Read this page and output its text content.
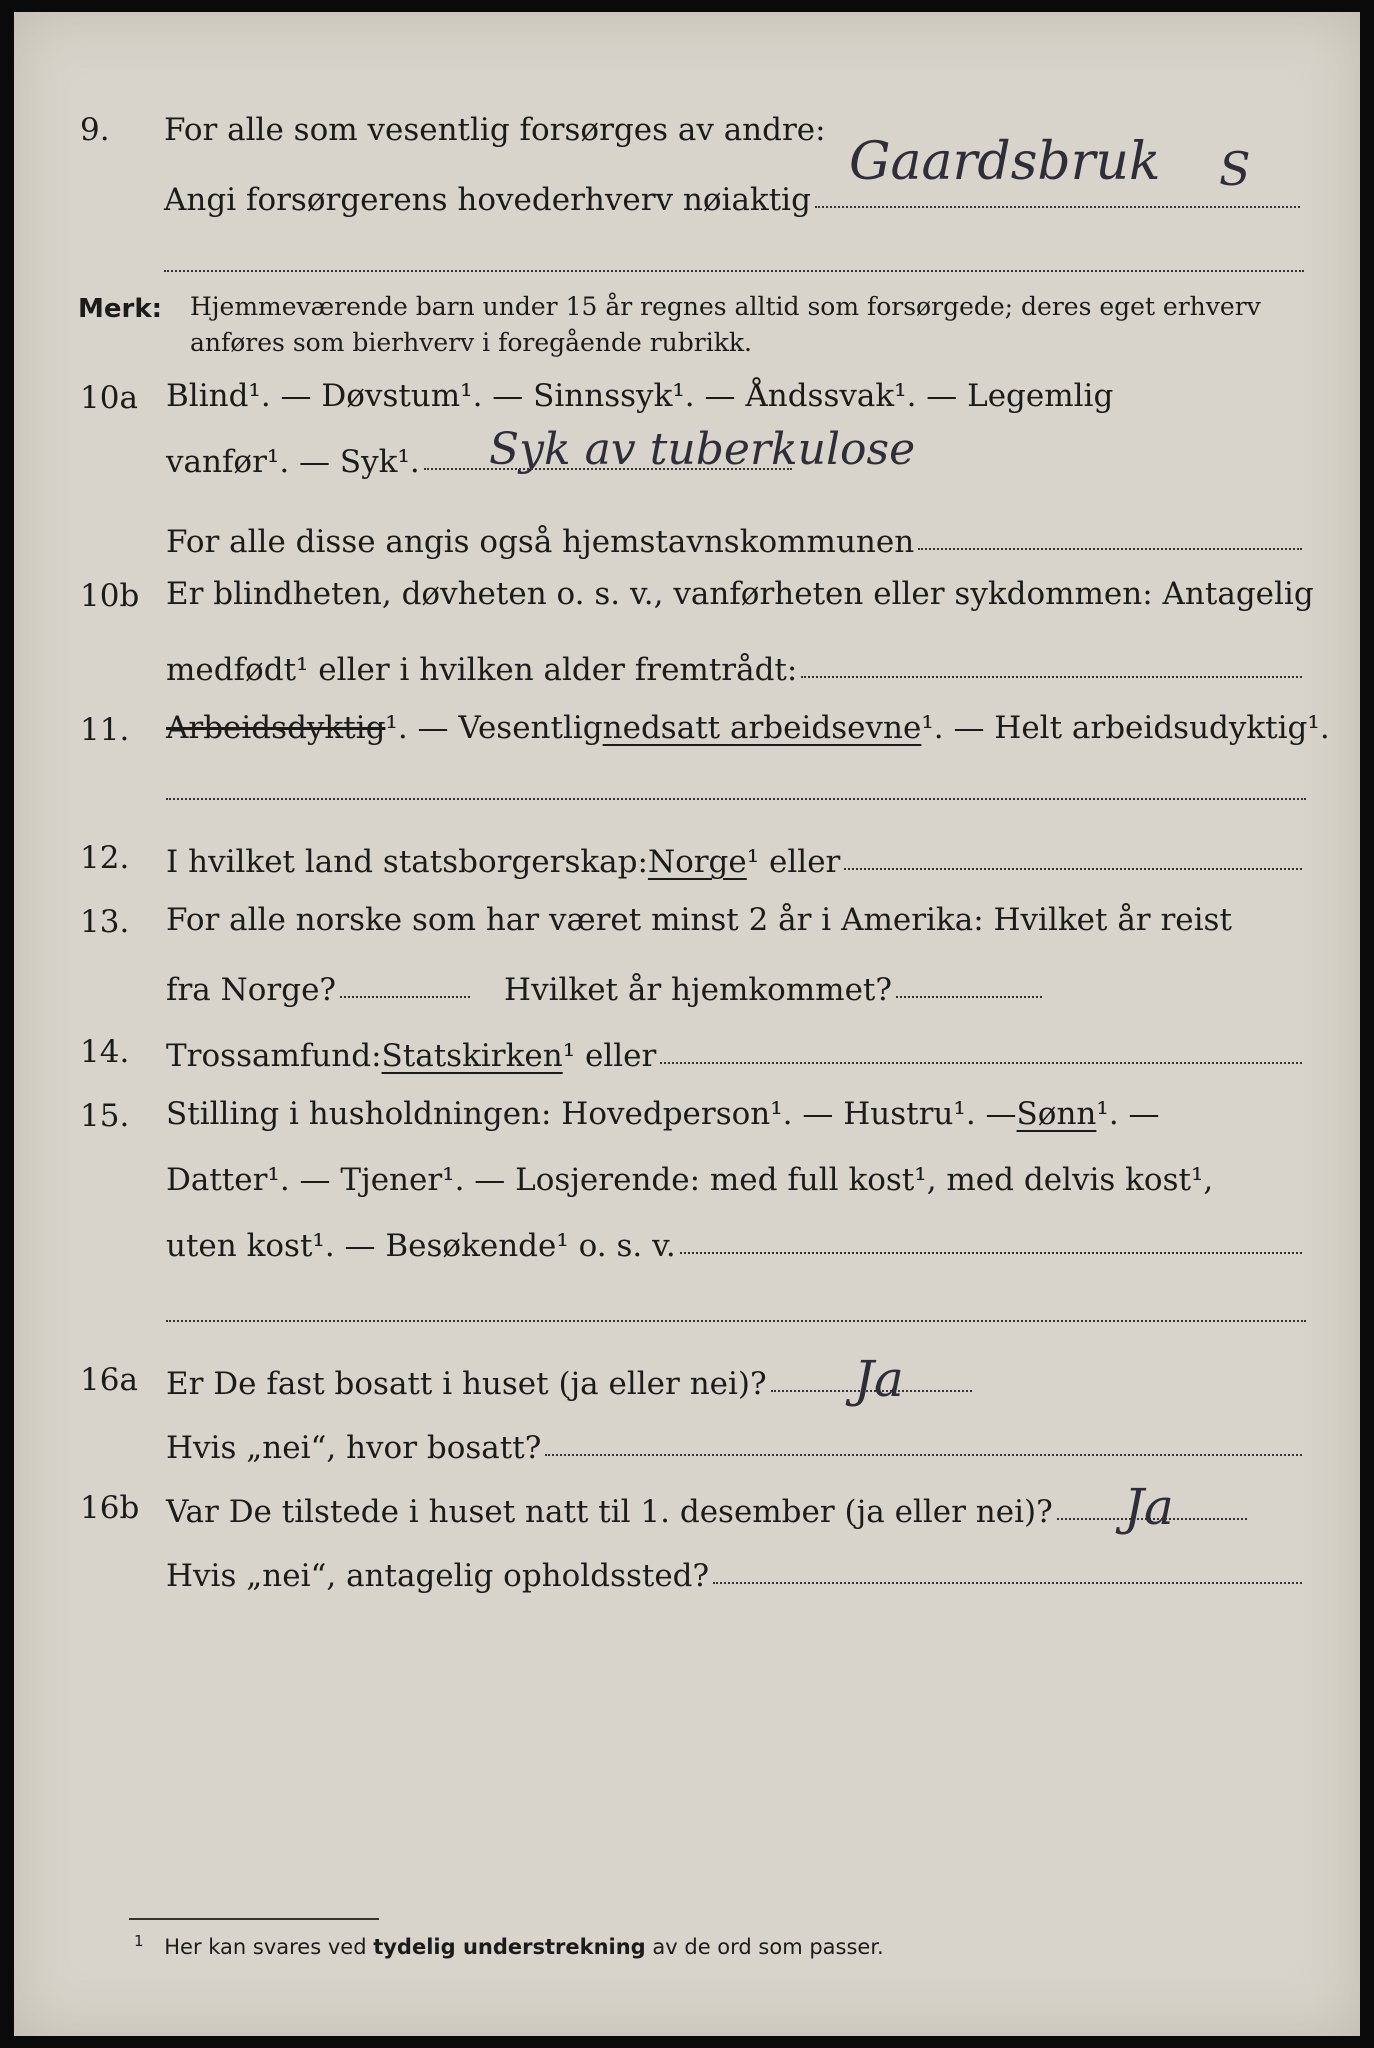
9.	For alle som vesentlig forsørges av andre:
Angi forsørgerens hovederhverv nøiaktig
Gaardsbruk S
Merk: Hjemmeværende barn under 15 år regnes alltid som forsørgede; deres eget erhverv
anføres som bierhverv i foregående rubrikk.
10a Blind¹. — Døvstum¹. — Sinnssyk¹. — Åndssvak¹. — Legemlig
vanfør¹. — Syk¹. Syk av tuberkulose
For alle disse angis også hjemstavnskommunen
10b Er blindheten, døvheten o. s. v., vanførheten eller sykdommen: Antagelig
medfødt¹ eller i hvilken alder fremtrådt:
11.	Arbeidsdyktig ¹. — Vesentlig nedsatt arbeidsevne ¹. — Helt arbeidsudyktig¹.
12.	I hvilket land statsborgerskap: Norge ¹ eller
13.	For alle norske som har været minst 2 år i Amerika: Hvilket år reist
fra Norge?	Hvilket år hjemkommet?
14.	Trossamfund: Statskirken ¹ eller
15.	Stilling i husholdningen: Hovedperson¹. — Hustru¹. — Sønn ¹. —
Datter¹. — Tjener¹. — Losjerende: med full kost¹, med delvis kost¹,
uten kost¹. — Besøkende¹ o. s. v.
16a Er De fast bosatt i huset (ja eller nei)? Ja
Hvis „nei“, hvor bosatt?
16b Var De tilstede i huset natt til 1. desember (ja eller nei)? Ja
Hvis „nei“, antagelig opholdssted?
$^1$ Her kan svares ved tydelig understrekning av de ord som passer.
